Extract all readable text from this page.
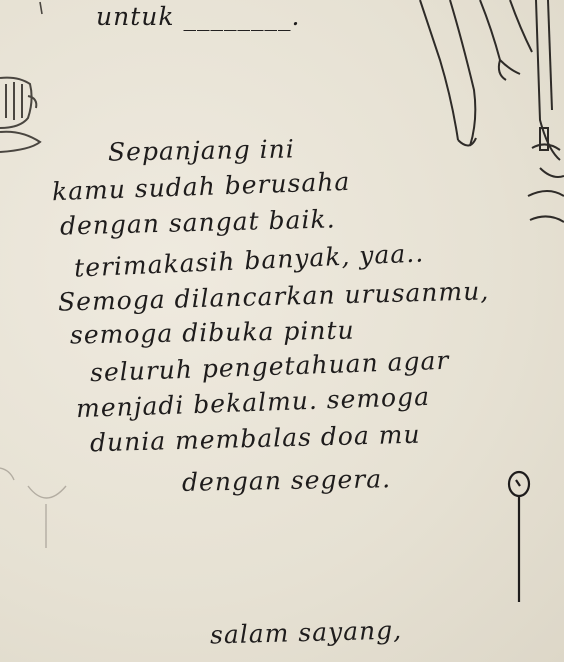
untuk ________.
Sepanjang ini
kamu sudah berusaha
dengan sangat baik.
terimakasih banyak, yaa..
Semoga dilancarkan urusanmu,
semoga dibuka pintu
seluruh pengetahuan agar
menjadi bekalmu. semoga
dunia membalas doa mu
dengan segera.
salam sayang,
